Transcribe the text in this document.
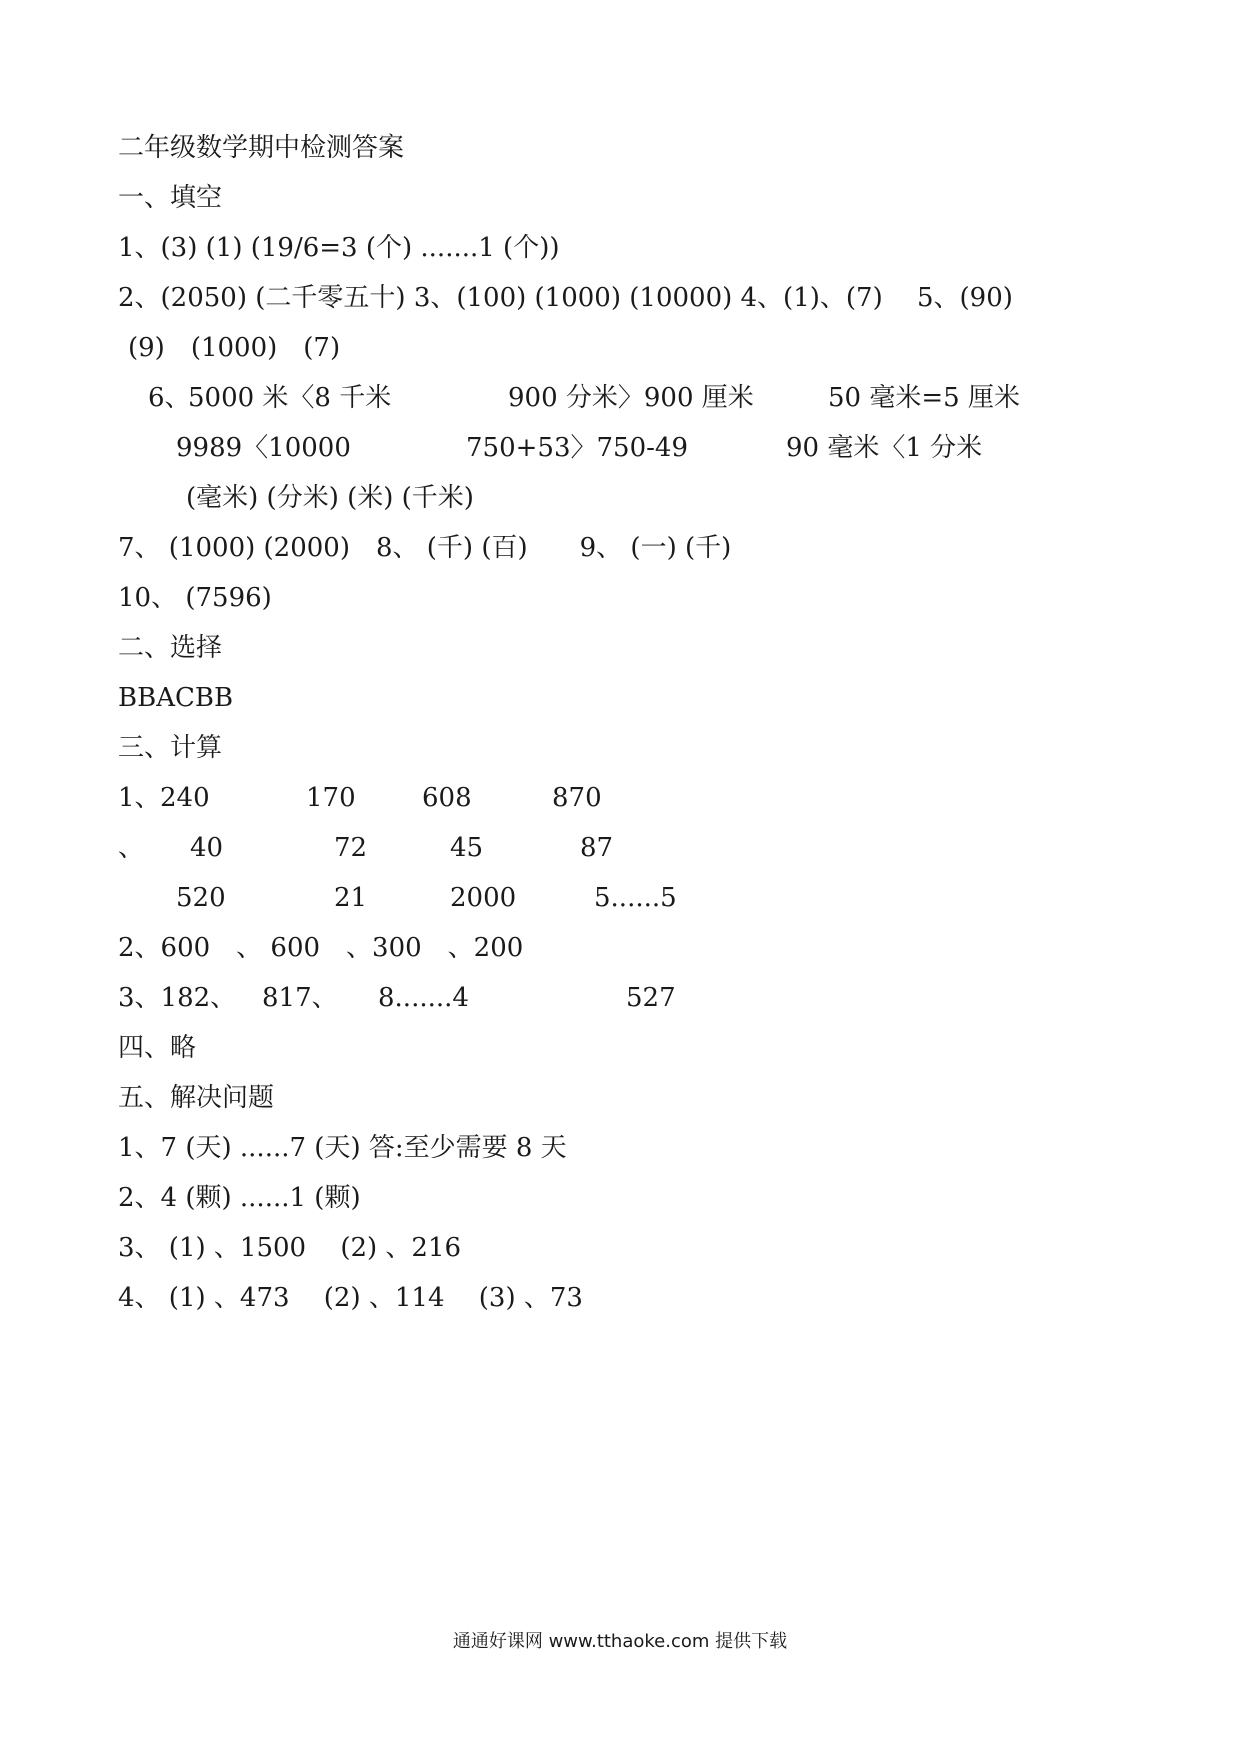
二年级数学期中检测答案
一、填空
1、(3) (1) (19/6=3 (个) .......1 (个))
2、(2050) (二千零五十) 3、(100) (1000) (10000) 4、(1)、(7)　 5、(90)
(9)　(1000)　(7)
6、
5000 米〈8 千米	900 分米〉900 厘米	50 毫米=5 厘米
9989〈10000	750+53〉750-49	90 毫米〈1 分米
(毫米) (分米) (米) (千米)
7、 (1000) (2000)　8、 (千) (百)　　9、 (一) (千)
10、 (7596)
二、选择
BBACBB
三、计算
1、 240	170	608	870
、 40	72	45	87
520	21	2000	5......5
2、600　、 600　、300　、200
3、182、 817、 8.......4	527
四、略
五、解决问题
1、7 (天) ......7 (天) 答:至少需要 8 天
2、4 (颗) ......1 (颗)
3、 (1) 、1500　 (2) 、216
4、 (1) 、473　 (2) 、114　 (3) 、73
通通好课网 www.tthaoke.com 提供下载
